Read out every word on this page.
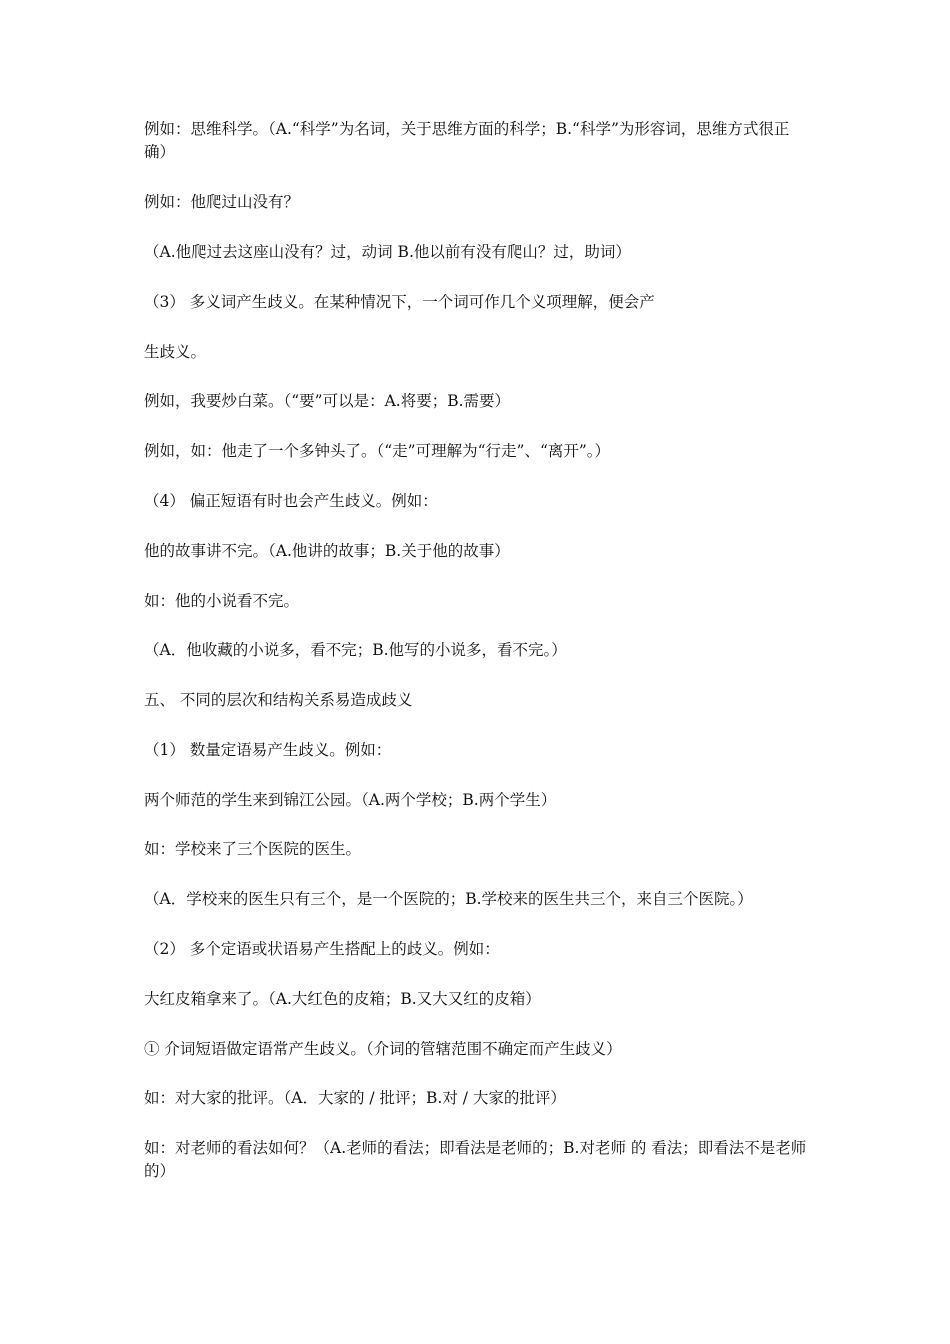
例如：思维科学。（A.“科学”为名词，关于思维方面的科学；B.“科学”为形容词，思维方式很正确）

例如：他爬过山没有？

（A.他爬过去这座山没有？过，动词 B.他以前有没有爬山？过，助词）

（3） 多义词产生歧义。在某种情况下，一个词可作几个义项理解，便会产

生歧义。

例如，我要炒白菜。（“要”可以是：A.将要；B.需要）

例如，如：他走了一个多钟头了。（“走”可理解为“行走”、“离开”。）

（4） 偏正短语有时也会产生歧义。例如：

他的故事讲不完。（A.他讲的故事；B.关于他的故事）

如：他的小说看不完。

（A．他收藏的小说多，看不完；B.他写的小说多，看不完。）

五、 不同的层次和结构关系易造成歧义

（1） 数量定语易产生歧义。例如：

两个师范的学生来到锦江公园。（A.两个学校；B.两个学生）

如：学校来了三个医院的医生。

（A．学校来的医生只有三个，是一个医院的；B.学校来的医生共三个，来自三个医院。）

（2） 多个定语或状语易产生搭配上的歧义。例如：

大红皮箱拿来了。（A.大红色的皮箱；B.又大又红的皮箱）

① 介词短语做定语常产生歧义。（介词的管辖范围不确定而产生歧义）

如：对大家的批评。（A．大家的 / 批评；B.对 / 大家的批评）

如：对老师的看法如何？（A.老师的看法；即看法是老师的；B.对老师 的 看法；即看法不是老师的）
